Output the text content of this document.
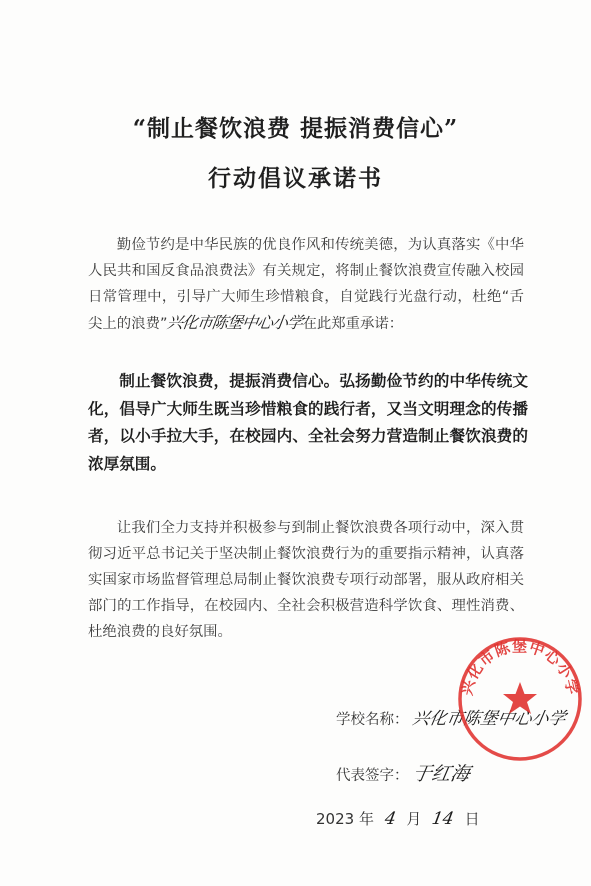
“制止餐饮浪费 提振消费信心”
行动倡议承诺书
勤俭节约是中华民族的优良作风和传统美德，为认真落实《中华人民共和国反食品浪费法》有关规定，将制止餐饮浪费宣传融入校园日常管理中，引导广大师生珍惜粮食，自觉践行光盘行动，杜绝“舌尖上的浪费”兴化市陈堡中心小学在此郑重承诺：
制止餐饮浪费，提振消费信心。弘扬勤俭节约的中华传统文化，倡导广大师生既当珍惜粮食的践行者，又当文明理念的传播者，以小手拉大手，在校园内、全社会努力营造制止餐饮浪费的浓厚氛围。
让我们全力支持并积极参与到制止餐饮浪费各项行动中，深入贯彻习近平总书记关于坚决制止餐饮浪费行为的重要指示精神，认真落实国家市场监督管理总局制止餐饮浪费专项行动部署，服从政府相关部门的工作指导，在校园内、全社会积极营造科学饮食、理性消费、杜绝浪费的良好氛围。
学校名称： 兴化市陈堡中心小学
代表签字：于红海
2023 年 4 月 14 日
兴化市陈堡中心小学
